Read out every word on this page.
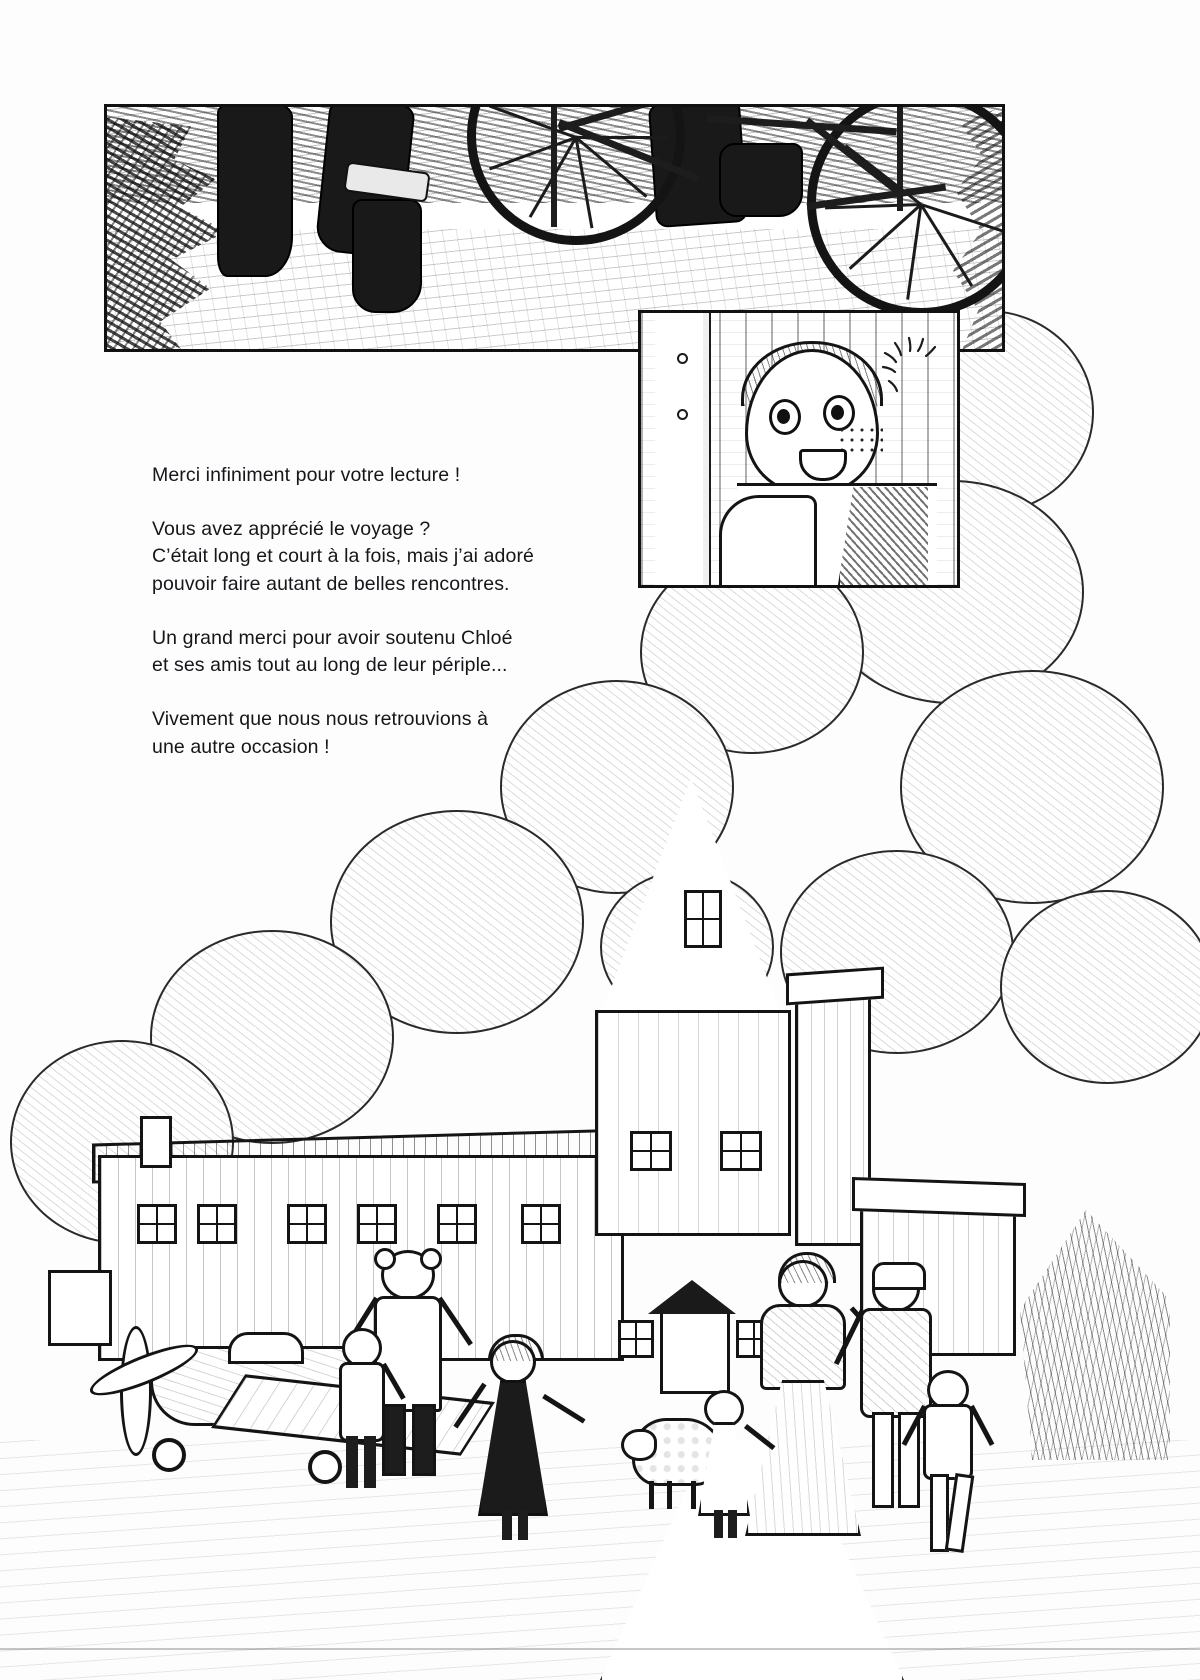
Merci infiniment pour votre lecture !

Vous avez apprécié le voyage ?
C’était long et court à la fois, mais j’ai adoré
pouvoir faire autant de belles rencontres.

Un grand merci pour avoir soutenu Chloé
et ses amis tout au long de leur périple...

Vivement que nous nous retrouvions à
une autre occasion !
